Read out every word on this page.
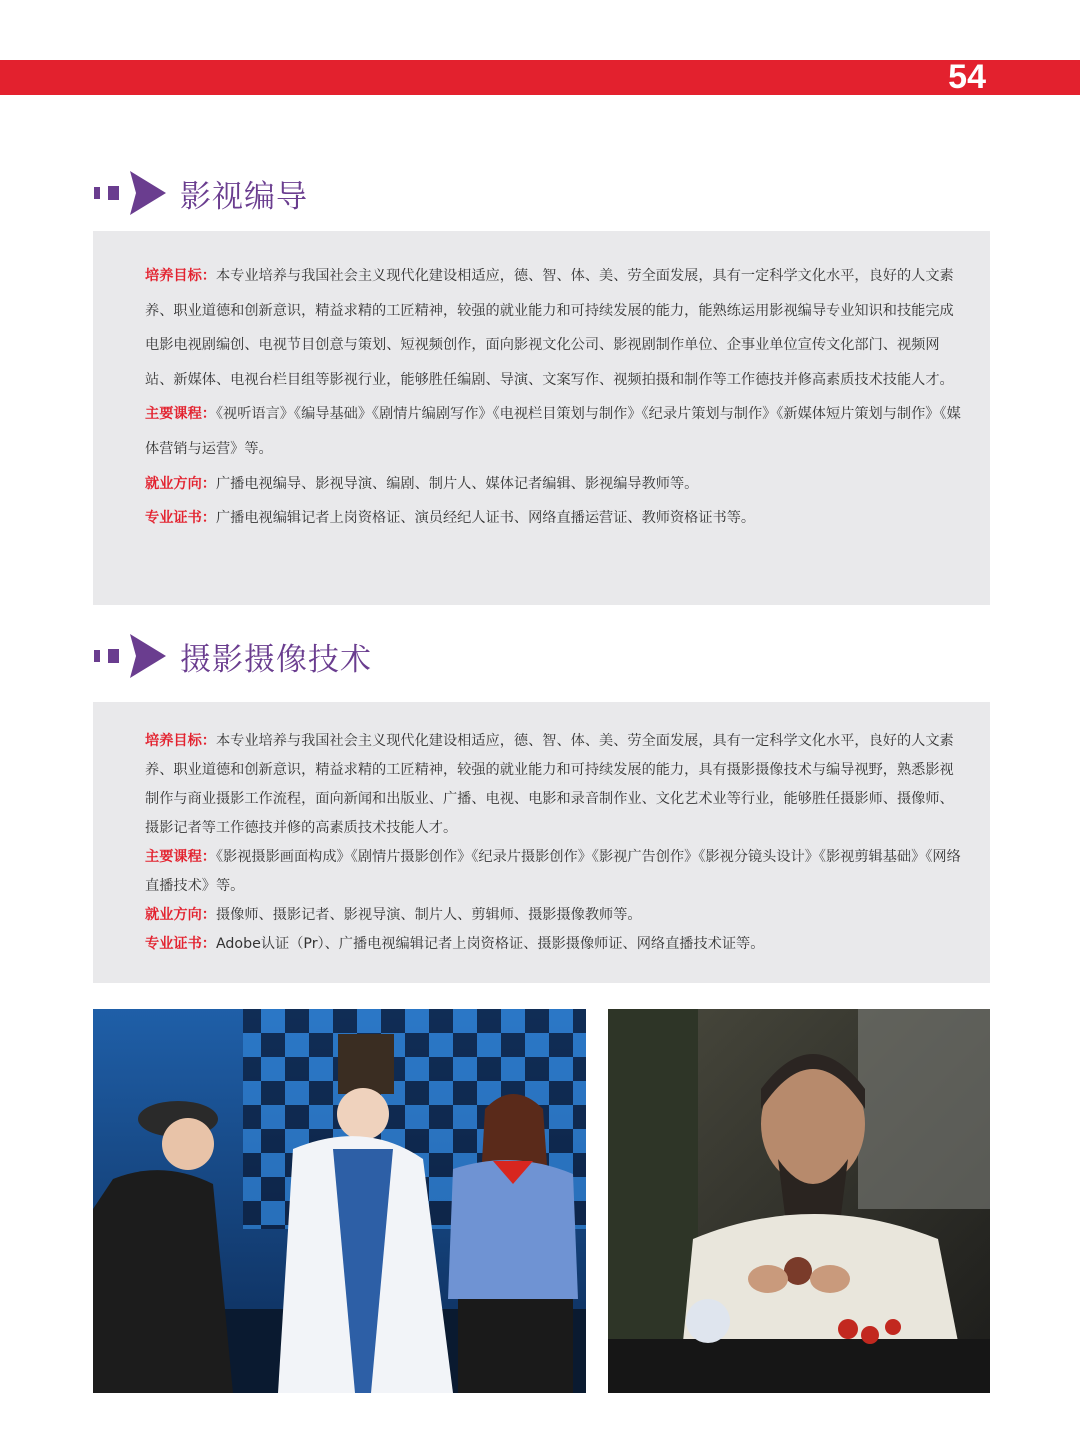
54
影视编导

培养目标：本专业培养与我国社会主义现代化建设相适应，德、智、体、美、劳全面发展，具有一定科学文化水平，良好的人文素养、职业道德和创新意识，精益求精的工匠精神，较强的就业能力和可持续发展的能力，能熟练运用影视编导专业知识和技能完成电影电视剧编创、电视节目创意与策划、短视频创作，面向影视文化公司、影视剧制作单位、企事业单位宣传文化部门、视频网站、新媒体、电视台栏目组等影视行业，能够胜任编剧、导演、文案写作、视频拍摄和制作等工作德技并修高素质技术技能人才。

主要课程：《视听语言》《编导基础》《剧情片编剧写作》《电视栏目策划与制作》《纪录片策划与制作》《新媒体短片策划与制作》《媒体营销与运营》等。

就业方向：广播电视编导、影视导演、编剧、制片人、媒体记者编辑、影视编导教师等。

专业证书：广播电视编辑记者上岗资格证、演员经纪人证书、网络直播运营证、教师资格证书等。

摄影摄像技术

培养目标：本专业培养与我国社会主义现代化建设相适应，德、智、体、美、劳全面发展，具有一定科学文化水平，良好的人文素养、职业道德和创新意识，精益求精的工匠精神，较强的就业能力和可持续发展的能力，具有摄影摄像技术与编导视野，熟悉影视制作与商业摄影工作流程，面向新闻和出版业、广播、电视、电影和录音制作业、文化艺术业等行业，能够胜任摄影师、摄像师、摄影记者等工作德技并修的高素质技术技能人才。

主要课程：《影视摄影画面构成》《剧情片摄影创作》《纪录片摄影创作》《影视广告创作》《影视分镜头设计》《影视剪辑基础》《网络直播技术》等。

就业方向：摄像师、摄影记者、影视导演、制片人、剪辑师、摄影摄像教师等。

专业证书：Adobe认证（Pr）、广播电视编辑记者上岗资格证、摄影摄像师证、网络直播技术证等。
